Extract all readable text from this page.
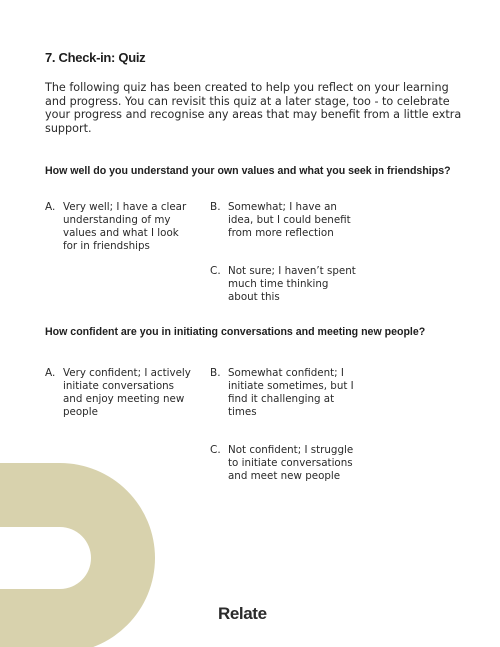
7. Check-in: Quiz
The following quiz has been created to help you reflect on your learning and progress. You can revisit this quiz at a later stage, too - to celebrate your progress and recognise any areas that may benefit from a little extra support.
How well do you understand your own values and what you seek in friendships?
A. Very well; I have a clear understanding of my values and what I look for in friendships
B. Somewhat; I have an idea, but I could benefit from more reflection
C. Not sure; I haven’t spent much time thinking about this
How confident are you in initiating conversations and meeting new people?
A. Very confident; I actively initiate conversations and enjoy meeting new people
B. Somewhat confident; I initiate sometimes, but I find it challenging at times
C. Not confident; I struggle to initiate conversations and meet new people
Relate
